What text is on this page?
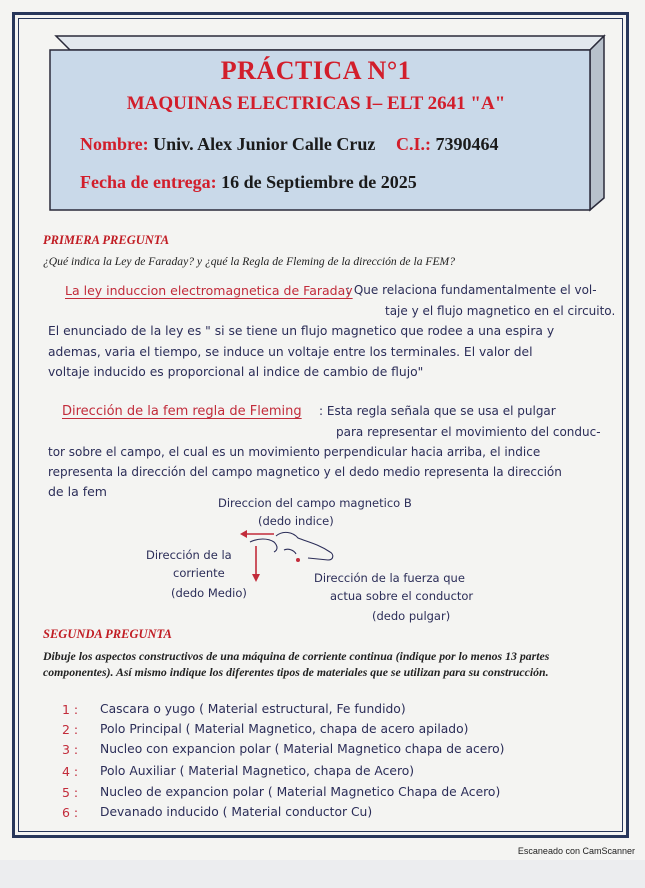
PRÁCTICA N°1
MAQUINAS ELECTRICAS I– ELT 2641 "A"
Nombre: Univ. Alex Junior Calle Cruz C.I.: 7390464
Fecha de entrega: 16 de Septiembre de 2025
PRIMERA PREGUNTA
¿Qué indica la Ley de Faraday? y ¿qué la Regla de Fleming de la dirección de la FEM?
La ley induccion electromagnetica de Faraday
: Que relaciona fundamentalmente el vol-
taje y el flujo magnetico en el circuito.
El enunciado de la ley es " si se tiene un flujo magnetico que rodee a una espira y
ademas, varia el tiempo, se induce un voltaje entre los terminales. El valor del
voltaje inducido es proporcional al indice de cambio de flujo"
Dirección de la fem regla de Fleming : Esta regla señala que se usa el pulgar
para representar el movimiento del conduc-
tor sobre el campo, el cual es un movimiento perpendicular hacia arriba, el indice
representa la dirección del campo magnetico y el dedo medio representa la dirección
de la fem
Direccion del campo magnetico B
(dedo indice)
Dirección de la
corriente
(dedo Medio)
Dirección de la fuerza que
actua sobre el conductor
(dedo pulgar)
SEGUNDA PREGUNTA
Dibuje los aspectos constructivos de una máquina de corriente continua (indique por lo menos 13 partes
componentes). Así mismo indique los diferentes tipos de materiales que se utilizan para su construcción.
1 : Cascara o yugo ( Material estructural, Fe fundido)
2 : Polo Principal ( Material Magnetico, chapa de acero apilado)
3 : Nucleo con expancion polar ( Material Magnetico chapa de acero)
4 : Polo Auxiliar ( Material Magnetico, chapa de Acero)
5 : Nucleo de expancion polar ( Material Magnetico Chapa de Acero)
6 : Devanado inducido ( Material conductor Cu)
Escaneado con CamScanner
